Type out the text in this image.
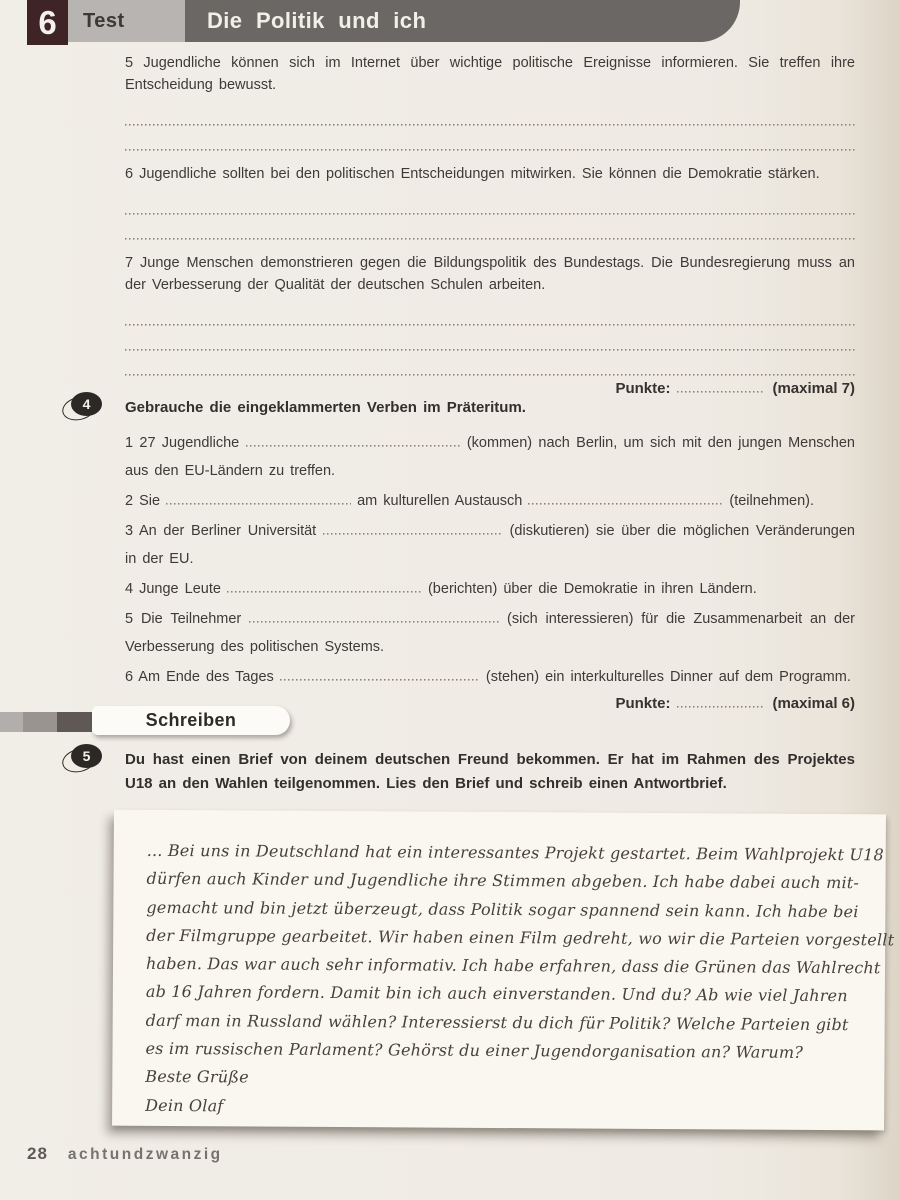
6	Test	Die Politik und ich

5 Jugendliche können sich im Internet über wichtige politische Ereignisse informieren. Sie treffen ihre Entscheidung bewusst.

6 Jugendliche sollten bei den politischen Entscheidungen mitwirken. Sie können die Demokratie stärken.

7 Junge Menschen demonstrieren gegen die Bildungspolitik des Bundestags. Die Bundesregierung muss an der Verbesserung der Qualität der deutschen Schulen arbeiten.

Punkte:	(maximal 7)
4	Gebrauche die eingeklammerten Verben im Präteritum.

1 27 Jugendliche	(kommen) nach Berlin, um sich mit den jungen Menschen aus den EU-Ländern zu treffen.

2 Sie	am kulturellen Austausch	(teilnehmen).

3 An der Berliner Universität	(diskutieren) sie über die möglichen Veränderungen in der EU.

4 Junge Leute	(berichten) über die Demokratie in ihren Ländern.

5 Die Teilnehmer	(sich interessieren) für die Zusammenarbeit an der Verbesserung des politischen Systems.

6 Am Ende des Tages	(stehen) ein interkulturelles Dinner auf dem Programm.

Punkte:	(maximal 6)
Schreiben
5	Du hast einen Brief von deinem deutschen Freund bekommen. Er hat im Rahmen des Projektes U18 an den Wahlen teilgenommen. Lies den Brief und schreib einen Antwortbrief.

... Bei uns in Deutschland hat ein interessantes Projekt gestartet. Beim Wahlprojekt U18
dürfen auch Kinder und Jugendliche ihre Stimmen abgeben. Ich habe dabei auch mit-
gemacht und bin jetzt überzeugt, dass Politik sogar spannend sein kann. Ich habe bei
der Filmgruppe gearbeitet. Wir haben einen Film gedreht, wo wir die Parteien vorgestellt
haben. Das war auch sehr informativ. Ich habe erfahren, dass die Grünen das Wahlrecht
ab 16 Jahren fordern. Damit bin ich auch einverstanden. Und du? Ab wie viel Jahren
darf man in Russland wählen? Interessierst du dich für Politik? Welche Parteien gibt
es im russischen Parlament? Gehörst du einer Jugendorganisation an? Warum?
Beste Grüße
Dein Olaf
28 achtundzwanzig
